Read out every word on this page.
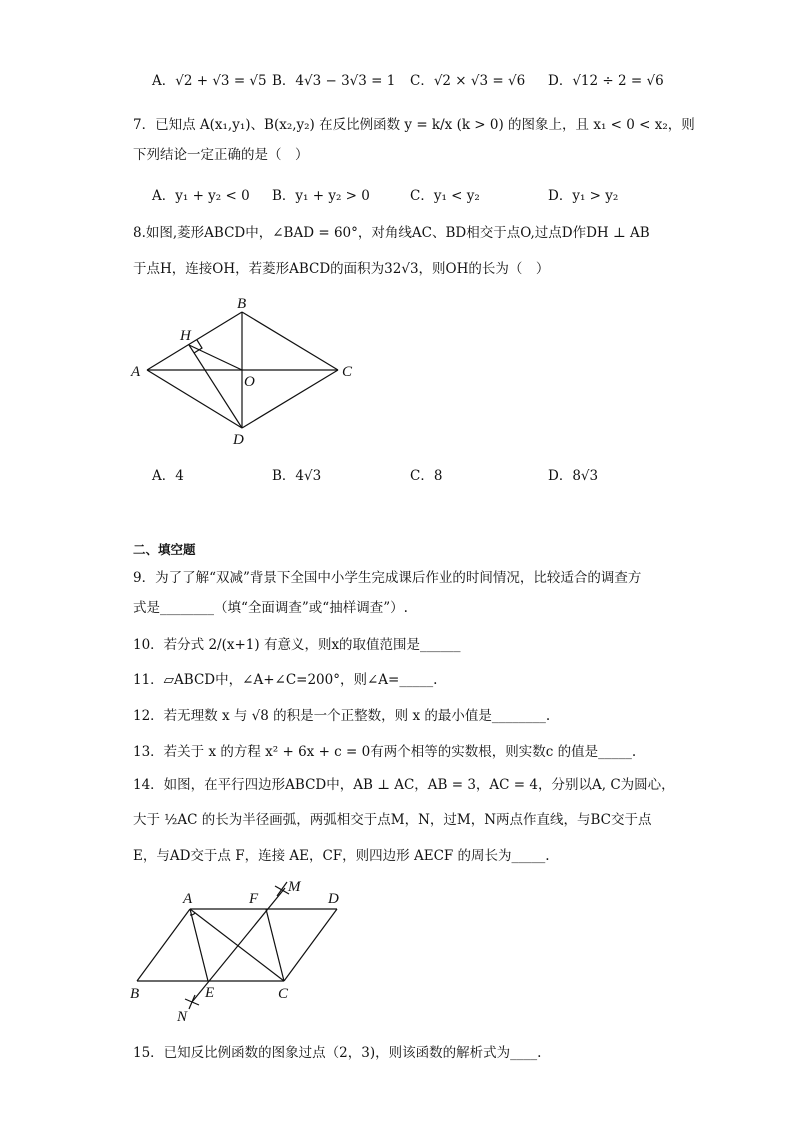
A．√2 + √3 = √5 B．4√3 − 3√3 = 1 C．√2 × √3 = √6 D．√12 ÷ 2 = √6
7．已知点 A(x₁,y₁)、B(x₂,y₂) 在反比例函数 y = k/x (k > 0) 的图象上，且 x₁ < 0 < x₂，则
下列结论一定正确的是（　）
A．y₁ + y₂ < 0 B．y₁ + y₂ > 0	C．y₁ < y₂	D．y₁ > y₂
8.如图,菱形ABCD中，∠BAD = 60°，对角线AC、BD相交于点O,过点D作DH ⊥ AB
于点H，连接OH，若菱形ABCD的面积为32√3，则OH的长为（　）
A
B
C
D
H
O
A．4	B．4√3	C．8	D．8√3
二、填空题
9．为了了解“双减”背景下全国中小学生完成课后作业的时间情况，比较适合的调查方
式是________（填“全面调查”或“抽样调查”）.
10．若分式 2/(x+1) 有意义，则x的取值范围是______
11．▱ABCD中，∠A+∠C=200°，则∠A=_____.
12．若无理数 x 与 √8 的积是一个正整数，则 x 的最小值是________.
13．若关于 x 的方程 x² + 6x + c = 0有两个相等的实数根，则实数c 的值是_____.
14．如图，在平行四边形ABCD中，AB ⊥ AC，AB = 3，AC = 4，分别以A, C为圆心，
大于 ½AC 的长为半径画弧，两弧相交于点M，N，过M，N两点作直线，与BC交于点
E，与AD交于点 F，连接 AE，CF，则四边形 AECF 的周长为_____.
A
B	C
D
E
F
M
N
15．已知反比例函数的图象过点（2，3)，则该函数的解析式为____.
